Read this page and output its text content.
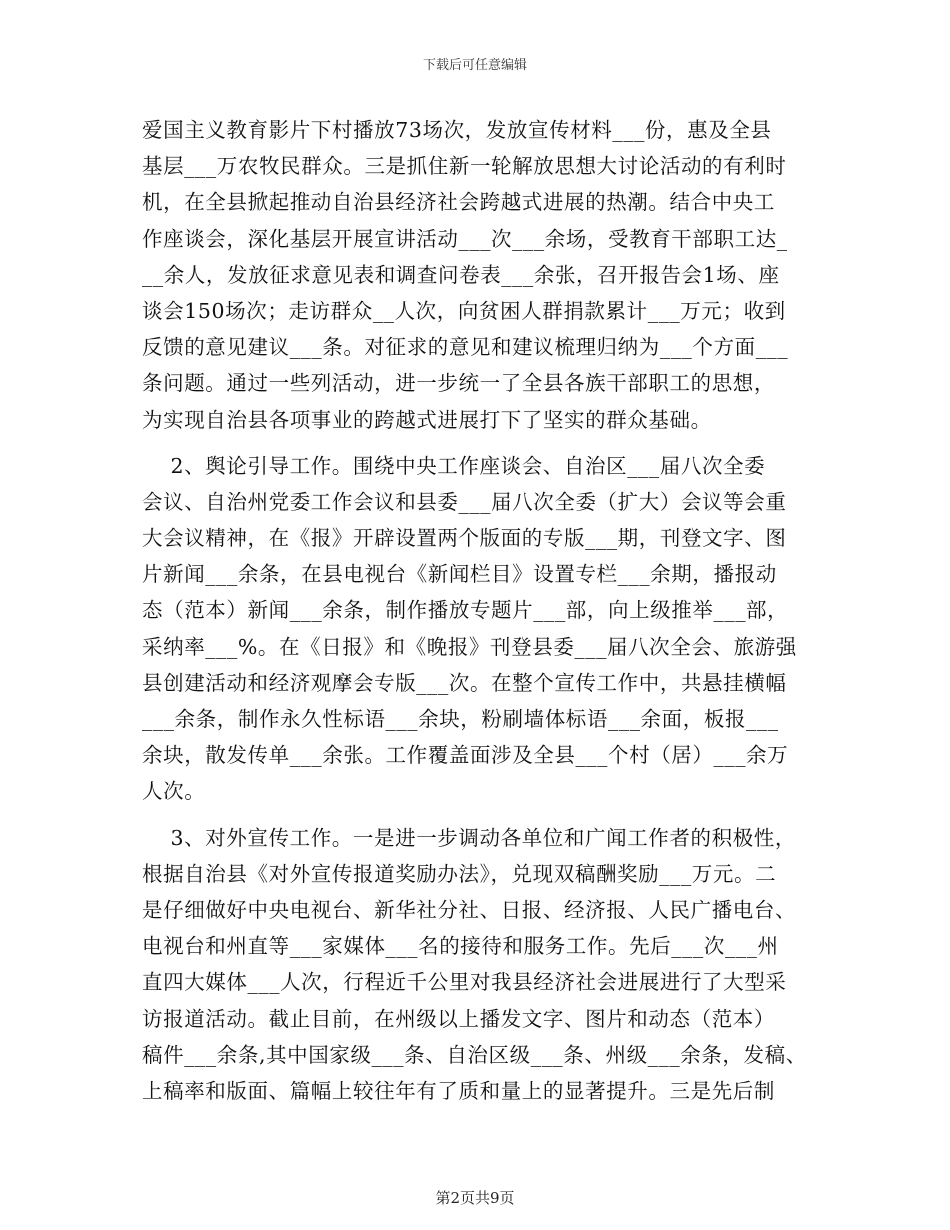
下载后可任意编辑
爱国主义教育影片下村播放73场次，发放宣传材料___份，惠及全县
基层___万农牧民群众。三是抓住新一轮解放思想大讨论活动的有利时
机，在全县掀起推动自治县经济社会跨越式进展的热潮。结合中央工
作座谈会，深化基层开展宣讲活动___次___余场，受教育干部职工达_
__余人，发放征求意见表和调查问卷表___余张，召开报告会1场、座
谈会150场次；走访群众__人次，向贫困人群捐款累计___万元；收到
反馈的意见建议___条。对征求的意见和建议梳理归纳为___个方面___
条问题。通过一些列活动，进一步统一了全县各族干部职工的思想，
为实现自治县各项事业的跨越式进展打下了坚实的群众基础。
2、舆论引导工作。围绕中央工作座谈会、自治区___届八次全委
会议、自治州党委工作会议和县委___届八次全委（扩大）会议等会重
大会议精神，在《报》开辟设置两个版面的专版___期，刊登文字、图
片新闻___余条，在县电视台《新闻栏目》设置专栏___余期，播报动
态（范本）新闻___余条，制作播放专题片___部，向上级推举___部，
采纳率___%。在《日报》和《晚报》刊登县委___届八次全会、旅游强
县创建活动和经济观摩会专版___次。在整个宣传工作中，共悬挂横幅
___余条，制作永久性标语___余块，粉刷墙体标语___余面，板报___
余块，散发传单___余张。工作覆盖面涉及全县___个村（居）___余万
人次。
3、对外宣传工作。一是进一步调动各单位和广闻工作者的积极性，
根据自治县《对外宣传报道奖励办法》，兑现双稿酬奖励___万元。二
是仔细做好中央电视台、新华社分社、日报、经济报、人民广播电台、
电视台和州直等___家媒体___名的接待和服务工作。先后___次___州
直四大媒体___人次，行程近千公里对我县经济社会进展进行了大型采
访报道活动。截止目前，在州级以上播发文字、图片和动态（范本）
稿件___余条,其中国家级___条、自治区级___条、州级___余条，发稿、
上稿率和版面、篇幅上较往年有了质和量上的显著提升。三是先后制
第2页共9页
